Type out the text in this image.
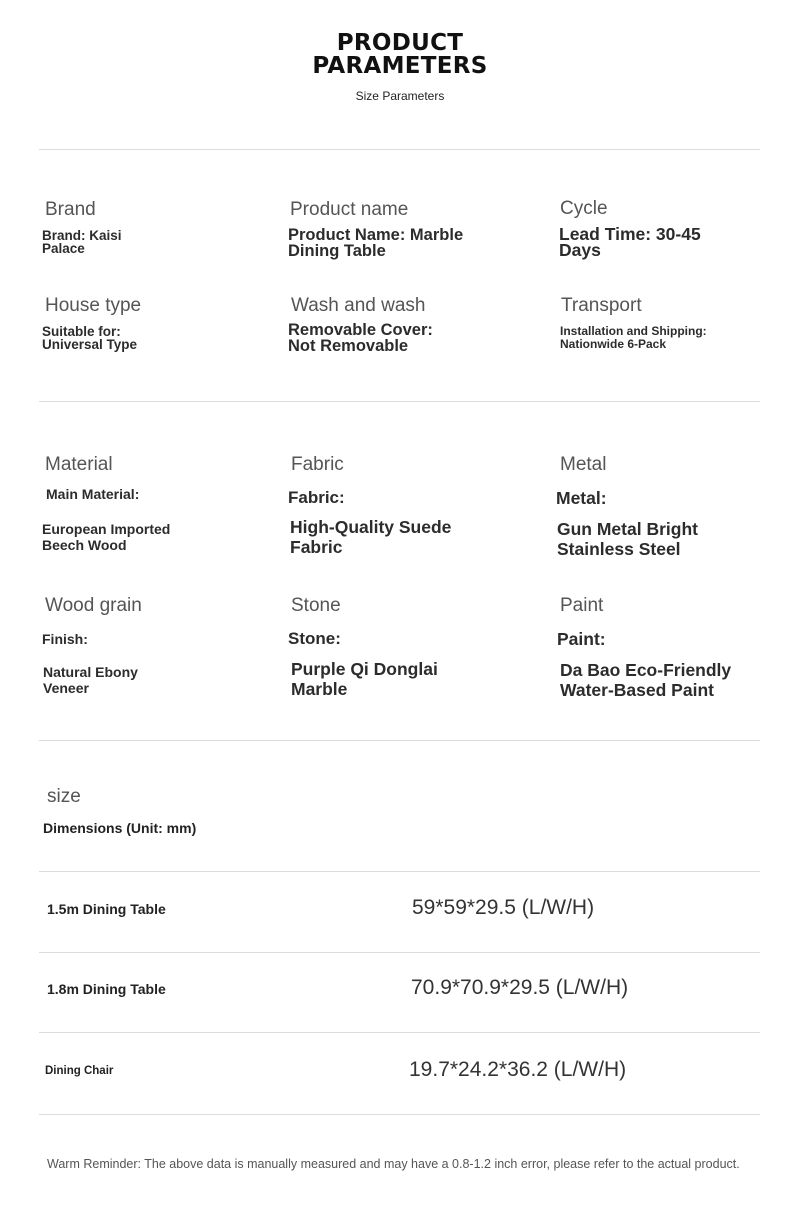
PRODUCT
PARAMETERS
Size Parameters
Brand
Brand: Kaisi
Palace
Product name
Product Name: Marble
Dining Table
Cycle
Lead Time: 30-45
Days
House type
Suitable for:
Universal Type
Wash and wash
Removable Cover:
Not Removable
Transport
Installation and Shipping:
Nationwide 6-Pack
Material
Main Material:
European Imported
Beech Wood
Fabric
Fabric:
High-Quality Suede
Fabric
Metal
Metal:
Gun Metal Bright
Stainless Steel
Wood grain
Finish:
Natural Ebony
Veneer
Stone
Stone:
Purple Qi Donglai
Marble
Paint
Paint:
Da Bao Eco-Friendly
Water-Based Paint
size
Dimensions (Unit: mm)
1.5m Dining Table	59*59*29.5 (L/W/H)
1.8m Dining Table	70.9*70.9*29.5 (L/W/H)
Dining Chair	19.7*24.2*36.2 (L/W/H)
Warm Reminder: The above data is manually measured and may have a 0.8-1.2 inch error, please refer to the actual product.
